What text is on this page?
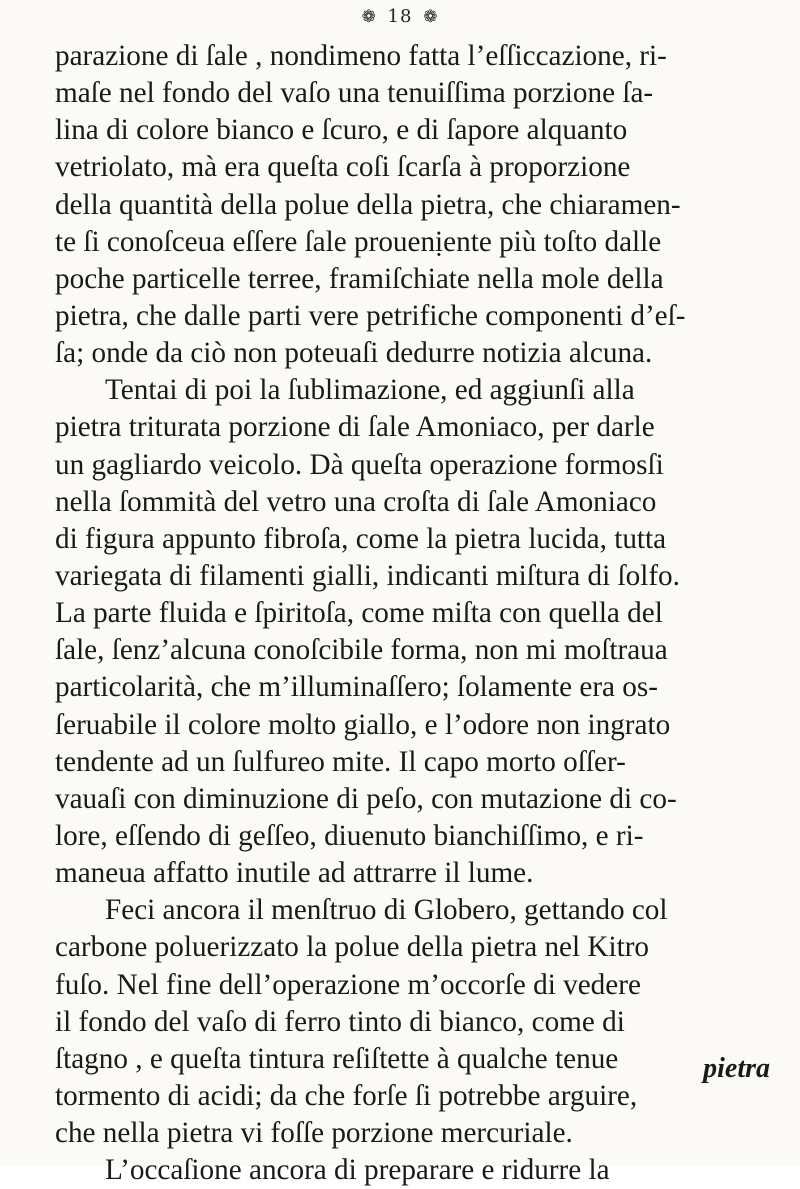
❁ 18 ❁
parazione di ſale , nondimeno fatta l’eſſiccazione, ri-
maſe nel fondo del vaſo una tenuiſſima porzione ſa-
lina di colore bianco e ſcuro, e di ſapore alquanto
vetriolato, mà era queſta coſi ſcarſa à proporzione
della quantità della polue della pietra, che chiaramen-
te ſi conoſceua eſſere ſale prouenịente più toſto dalle
poche particelle terree, framiſchiate nella mole della
pietra, che dalle parti vere petrifiche componenti d’eſ-
ſa; onde da ciò non poteuaſi dedurre notizia alcuna.
Tentai di poi la ſublimazione, ed aggiunſi alla
pietra triturata porzione di ſale Amoniaco, per darle
un gagliardo veicolo. Dà queſta operazione formosſi
nella ſommità del vetro una croſta di ſale Amoniaco
di figura appunto fibroſa, come la pietra lucida, tutta
variegata di filamenti gialli, indicanti miſtura di ſolfo.
La parte fluida e ſpiritoſa, come miſta con quella del
ſale, ſenz’alcuna conoſcibile forma, non mi moſtraua
particolarità, che m’illuminaſſero; ſolamente era os-
ſeruabile il colore molto giallo, e l’odore non ingrato
tendente ad un ſulfureo mite. Il capo morto oſſer-
vauaſi con diminuzione di peſo, con mutazione di co-
lore, eſſendo di geſſeo, diuenuto bianchiſſimo, e ri-
maneua affatto inutile ad attrarre il lume.
Feci ancora il menſtruo di Globero, gettando col
carbone poluerizzato la polue della pietra nel Kitro
fuſo. Nel fine dell’operazione m’occorſe di vedere
il fondo del vaſo di ferro tinto di bianco, come di
ſtagno , e queſta tintura reſiſtette à qualche tenue
tormento di acidi; da che forſe ſi potrebbe arguire,
che nella pietra vi foſſe porzione mercuriale.
L’occaſione ancora di preparare e ridurre la
pietra
